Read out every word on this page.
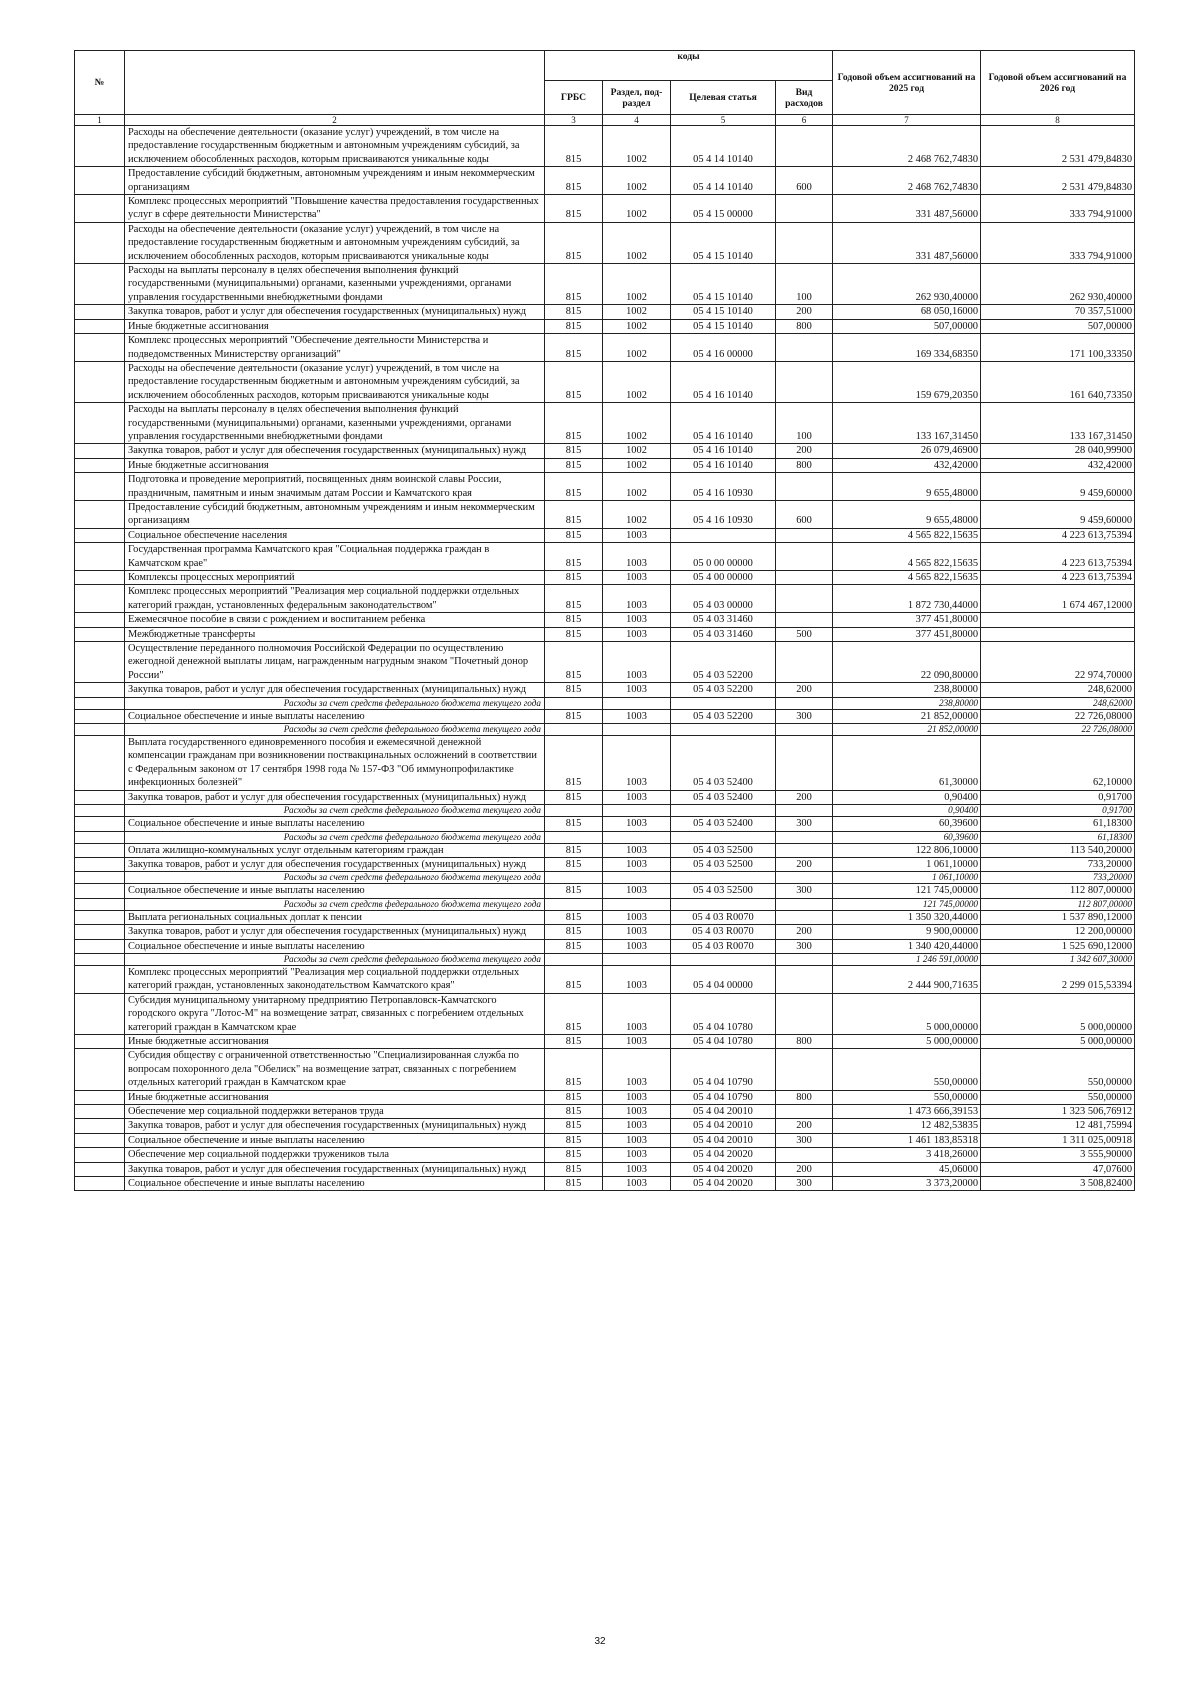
№		коды				Годовой объем ассигнований на 2025 год	Годовой объем ассигнований на 2026 год
		ГРБС	Раздел, под-раздел	Целевая статья	Вид расходов		
1	2	3	4	5	6	7	8
	Расходы на обеспечение деятельности (оказание услуг) учреждений, в том числе на предоставление государственным бюджетным и автономным учреждениям субсидий, за исключением обособленных расходов, которым присваиваются уникальные коды	815	1002	05 4 14 10140		2 468 762,74830	2 531 479,84830
	Предоставление субсидий бюджетным, автономным учреждениям и иным некоммерческим организациям	815	1002	05 4 14 10140	600	2 468 762,74830	2 531 479,84830
	Комплекс процессных мероприятий "Повышение качества предоставления государственных услуг в сфере деятельности Министерства"	815	1002	05 4 15 00000		331 487,56000	333 794,91000
	Расходы на обеспечение деятельности (оказание услуг) учреждений, в том числе на предоставление государственным бюджетным и автономным учреждениям субсидий, за исключением обособленных расходов, которым присваиваются уникальные коды	815	1002	05 4 15 10140		331 487,56000	333 794,91000
	Расходы на выплаты персоналу в целях обеспечения выполнения функций государственными (муниципальными) органами, казенными учреждениями, органами управления государственными внебюджетными фондами	815	1002	05 4 15 10140	100	262 930,40000	262 930,40000
	Закупка товаров, работ и услуг для обеспечения государственных (муниципальных) нужд	815	1002	05 4 15 10140	200	68 050,16000	70 357,51000
	Иные бюджетные ассигнования	815	1002	05 4 15 10140	800	507,00000	507,00000
	Комплекс процессных мероприятий "Обеспечение деятельности Министерства и подведомственных Министерству организаций"	815	1002	05 4 16 00000		169 334,68350	171 100,33350
	Расходы на обеспечение деятельности (оказание услуг) учреждений, в том числе на предоставление государственным бюджетным и автономным учреждениям субсидий, за исключением обособленных расходов, которым присваиваются уникальные коды	815	1002	05 4 16 10140		159 679,20350	161 640,73350
	Расходы на выплаты персоналу в целях обеспечения выполнения функций государственными (муниципальными) органами, казенными учреждениями, органами управления государственными внебюджетными фондами	815	1002	05 4 16 10140	100	133 167,31450	133 167,31450
	Закупка товаров, работ и услуг для обеспечения государственных (муниципальных) нужд	815	1002	05 4 16 10140	200	26 079,46900	28 040,99900
	Иные бюджетные ассигнования	815	1002	05 4 16 10140	800	432,42000	432,42000
	Подготовка и проведение мероприятий, посвященных дням воинской славы России, праздничным, памятным и иным значимым датам России и Камчатского края	815	1002	05 4 16 10930		9 655,48000	9 459,60000
	Предоставление субсидий бюджетным, автономным учреждениям и иным некоммерческим организациям	815	1002	05 4 16 10930	600	9 655,48000	9 459,60000
	Социальное обеспечение населения	815	1003			4 565 822,15635	4 223 613,75394
	Государственная программа Камчатского края "Социальная поддержка граждан в Камчатском крае"	815	1003	05 0 00 00000		4 565 822,15635	4 223 613,75394
	Комплексы процессных мероприятий	815	1003	05 4 00 00000		4 565 822,15635	4 223 613,75394
	Комплекс процессных мероприятий "Реализация мер социальной поддержки отдельных категорий граждан, установленных федеральным законодательством"	815	1003	05 4 03 00000		1 872 730,44000	1 674 467,12000
	Ежемесячное пособие в связи с рождением и воспитанием ребенка	815	1003	05 4 03 31460		377 451,80000	
	Межбюджетные трансферты	815	1003	05 4 03 31460	500	377 451,80000	
	Осуществление переданного полномочия Российской Федерации по осуществлению ежегодной денежной выплаты лицам, награжденным нагрудным знаком "Почетный донор России"	815	1003	05 4 03 52200		22 090,80000	22 974,70000
	Закупка товаров, работ и услуг для обеспечения государственных (муниципальных) нужд	815	1003	05 4 03 52200	200	238,80000	248,62000
	Расходы за счет средств федерального бюджета текущего года					238,80000	248,62000
	Социальное обеспечение и иные выплаты населению	815	1003	05 4 03 52200	300	21 852,00000	22 726,08000
	Расходы за счет средств федерального бюджета текущего года					21 852,00000	22 726,08000
	Выплата государственного единовременного пособия и ежемесячной денежной компенсации гражданам при возникновении поствакцинальных осложнений в соответствии с Федеральным законом от 17 сентября 1998 года № 157-ФЗ "Об иммунопрофилактике инфекционных болезней"	815	1003	05 4 03 52400		61,30000	62,10000
	Закупка товаров, работ и услуг для обеспечения государственных (муниципальных) нужд	815	1003	05 4 03 52400	200	0,90400	0,91700
	Расходы за счет средств федерального бюджета текущего года					0,90400	0,91700
	Социальное обеспечение и иные выплаты населению	815	1003	05 4 03 52400	300	60,39600	61,18300
	Расходы за счет средств федерального бюджета текущего года					60,39600	61,18300
	Оплата жилищно-коммунальных услуг отдельным категориям граждан	815	1003	05 4 03 52500		122 806,10000	113 540,20000
	Закупка товаров, работ и услуг для обеспечения государственных (муниципальных) нужд	815	1003	05 4 03 52500	200	1 061,10000	733,20000
	Расходы за счет средств федерального бюджета текущего года					1 061,10000	733,20000
	Социальное обеспечение и иные выплаты населению	815	1003	05 4 03 52500	300	121 745,00000	112 807,00000
	Расходы за счет средств федерального бюджета текущего года					121 745,00000	112 807,00000
	Выплата региональных социальных доплат к пенсии	815	1003	05 4 03 R0070		1 350 320,44000	1 537 890,12000
	Закупка товаров, работ и услуг для обеспечения государственных (муниципальных) нужд	815	1003	05 4 03 R0070	200	9 900,00000	12 200,00000
	Социальное обеспечение и иные выплаты населению	815	1003	05 4 03 R0070	300	1 340 420,44000	1 525 690,12000
	Расходы за счет средств федерального бюджета текущего года					1 246 591,00000	1 342 607,30000
	Комплекс процессных мероприятий "Реализация мер социальной поддержки отдельных категорий граждан, установленных законодательством Камчатского края"	815	1003	05 4 04 00000		2 444 900,71635	2 299 015,53394
	Субсидия муниципальному унитарному предприятию Петропавловск-Камчатского городского округа "Лотос-М" на возмещение затрат, связанных с погребением отдельных категорий граждан в Камчатском крае	815	1003	05 4 04 10780		5 000,00000	5 000,00000
	Иные бюджетные ассигнования	815	1003	05 4 04 10780	800	5 000,00000	5 000,00000
	Субсидия обществу с ограниченной ответственностью "Специализированная служба по вопросам похоронного дела "Обелиск" на возмещение затрат, связанных с погребением отдельных категорий граждан в Камчатском крае	815	1003	05 4 04 10790		550,00000	550,00000
	Иные бюджетные ассигнования	815	1003	05 4 04 10790	800	550,00000	550,00000
	Обеспечение мер социальной поддержки ветеранов труда	815	1003	05 4 04 20010		1 473 666,39153	1 323 506,76912
	Закупка товаров, работ и услуг для обеспечения государственных (муниципальных) нужд	815	1003	05 4 04 20010	200	12 482,53835	12 481,75994
	Социальное обеспечение и иные выплаты населению	815	1003	05 4 04 20010	300	1 461 183,85318	1 311 025,00918
	Обеспечение мер социальной поддержки тружеников тыла	815	1003	05 4 04 20020		3 418,26000	3 555,90000
	Закупка товаров, работ и услуг для обеспечения государственных (муниципальных) нужд	815	1003	05 4 04 20020	200	45,06000	47,07600
	Социальное обеспечение и иные выплаты населению	815	1003	05 4 04 20020	300	3 373,20000	3 508,82400
32
